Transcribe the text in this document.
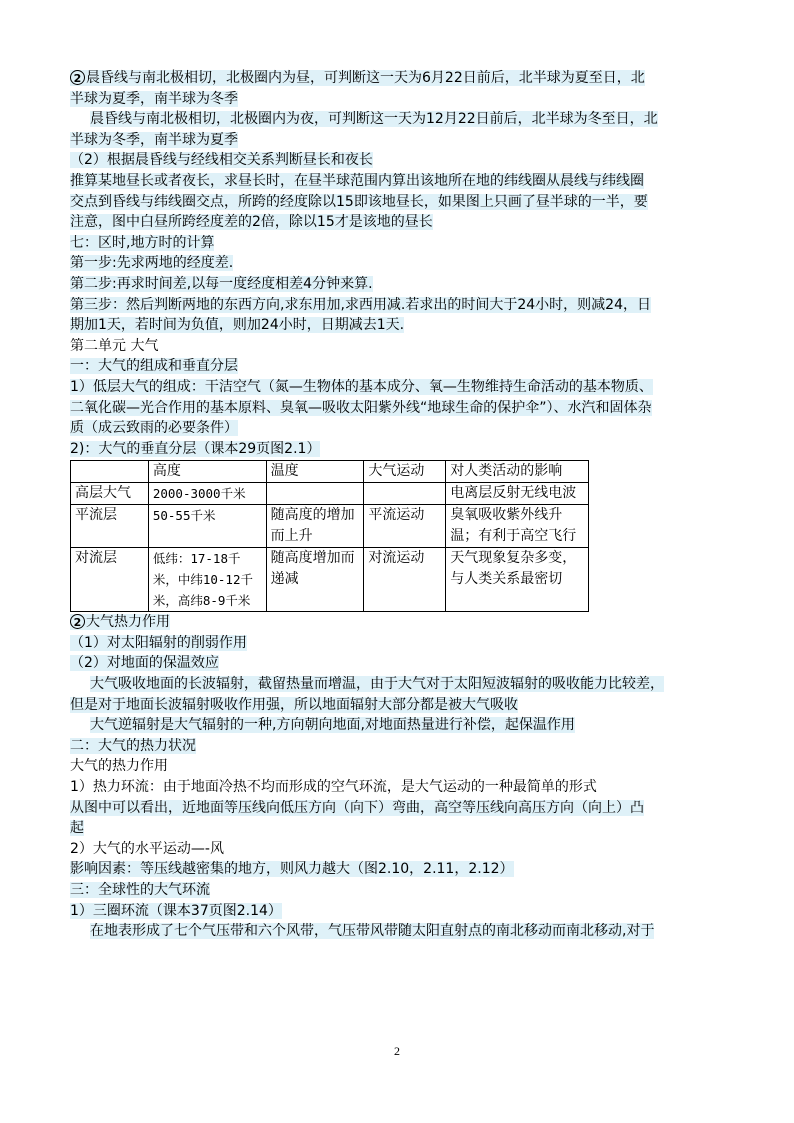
2 晨昏线与南北极相切，北极圈内为昼，可判断这一天为6月22日前后，北半球为夏至日，北
半球为夏季，南半球为冬季
晨昏线与南北极相切，北极圈内为夜，可判断这一天为12月22日前后，北半球为冬至日，北
半球为冬季，南半球为夏季
（2）根据晨昏线与经线相交关系判断昼长和夜长
推算某地昼长或者夜长，求昼长时，在昼半球范围内算出该地所在地的纬线圈从晨线与纬线圈
交点到昏线与纬线圈交点，所跨的经度除以15即该地昼长，如果图上只画了昼半球的一半，要
注意，图中白昼所跨经度差的2倍，除以15才是该地的昼长
七：区时,地方时的计算
第一步:先求两地的经度差.
第二步:再求时间差,以每一度经度相差4分钟来算.
第三步：然后判断两地的东西方向,求东用加,求西用减.若求出的时间大于24小时，则减24，日
期加1天，若时间为负值，则加24小时，日期减去1天.
第二单元 大气
一：大气的组成和垂直分层
1）低层大气的组成：干洁空气（氮—生物体的基本成分、氧—生物维持生命活动的基本物质、
二氧化碳—光合作用的基本原料、臭氧—吸收太阳紫外线“地球生命的保护伞”）、水汽和固体杂
质（成云致雨的必要条件）
2)：大气的垂直分层（课本29页图2.1）
	高度	温度	大气运动	对人类活动的影响
高层大气	2000-3000千米			电离层反射无线电波
平流层	50-55千米	随高度的增加而上升	平流运动	臭氧吸收紫外线升温；有利于高空飞行
对流层	低纬：17-18千米，中纬10-12千米，高纬8-9千米	随高度增加而递减	对流运动	天气现象复杂多变，与人类关系最密切
2 大气热力作用
（1）对太阳辐射的削弱作用
（2）对地面的保温效应
大气吸收地面的长波辐射，截留热量而增温，由于大气对于太阳短波辐射的吸收能力比较差，
但是对于地面长波辐射吸收作用强，所以地面辐射大部分都是被大气吸收
大气逆辐射是大气辐射的一种,方向朝向地面,对地面热量进行补偿，起保温作用
二：大气的热力状况
大气的热力作用
1）热力环流：由于地面冷热不均而形成的空气环流，是大气运动的一种最简单的形式
从图中可以看出，近地面等压线向低压方向（向下）弯曲，高空等压线向高压方向（向上）凸
起
2）大气的水平运动—-风
影响因素：等压线越密集的地方，则风力越大（图2.10，2.11，2.12）
三：全球性的大气环流
1）三圈环流（课本37页图2.14）
在地表形成了七个气压带和六个风带，气压带风带随太阳直射点的南北移动而南北移动,对于
2
